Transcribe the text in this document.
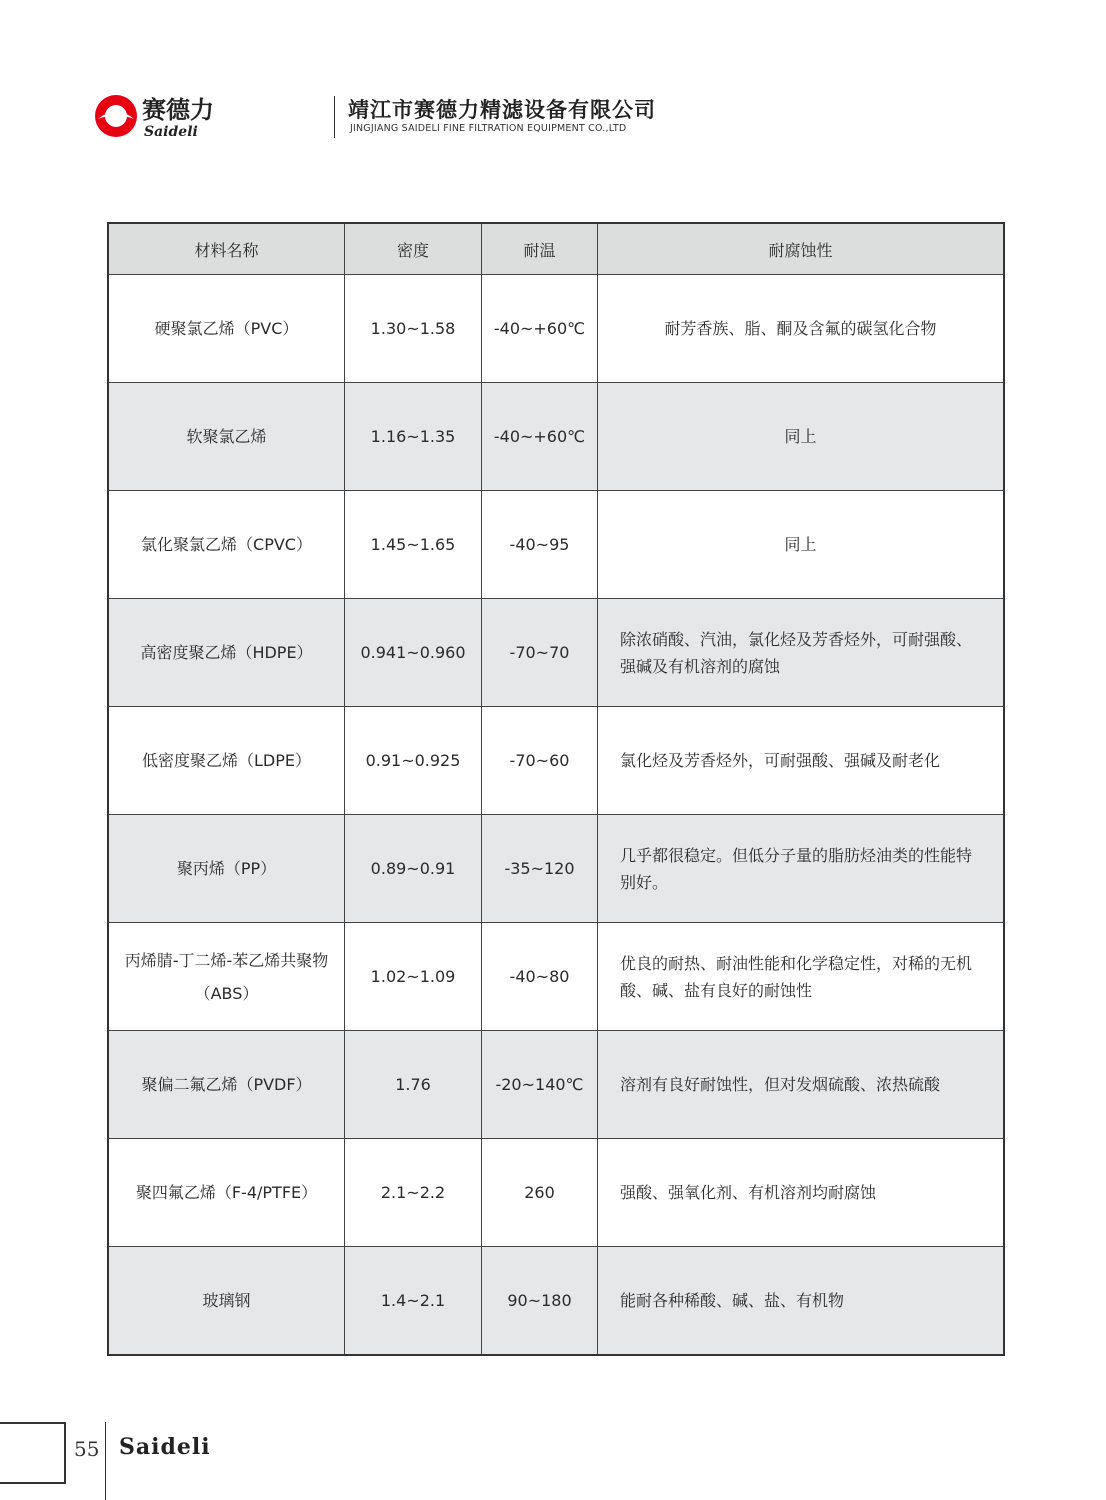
赛德力
Saideli
靖江市赛德力精滤设备有限公司
JINGJIANG SAIDELI FINE FILTRATION EQUIPMENT CO.,LTD
材料名称	密度	耐温	耐腐蚀性
硬聚氯乙烯（PVC）	1.30~1.58	-40~+60℃	耐芳香族、脂、酮及含氟的碳氢化合物
软聚氯乙烯	1.16~1.35	-40~+60℃	同上
氯化聚氯乙烯（CPVC）	1.45~1.65	-40~95	同上
高密度聚乙烯（HDPE）	0.941~0.960	-70~70	除浓硝酸、汽油，氯化烃及芳香烃外，可耐强酸、强碱及有机溶剂的腐蚀
低密度聚乙烯（LDPE）	0.91~0.925	-70~60	氯化烃及芳香烃外，可耐强酸、强碱及耐老化
聚丙烯（PP）	0.89~0.91	-35~120	几乎都很稳定。但低分子量的脂肪烃油类的性能特别好。
丙烯腈-丁二烯-苯乙烯共聚物（ABS）	1.02~1.09	-40~80	优良的耐热、耐油性能和化学稳定性，对稀的无机酸、碱、盐有良好的耐蚀性
聚偏二氟乙烯（PVDF）	1.76	-20~140℃	溶剂有良好耐蚀性，但对发烟硫酸、浓热硫酸
聚四氟乙烯（F-4/PTFE）	2.1~2.2	260	强酸、强氧化剂、有机溶剂均耐腐蚀
玻璃钢	1.4~2.1	90~180	能耐各种稀酸、碱、盐、有机物
55 Saideli
